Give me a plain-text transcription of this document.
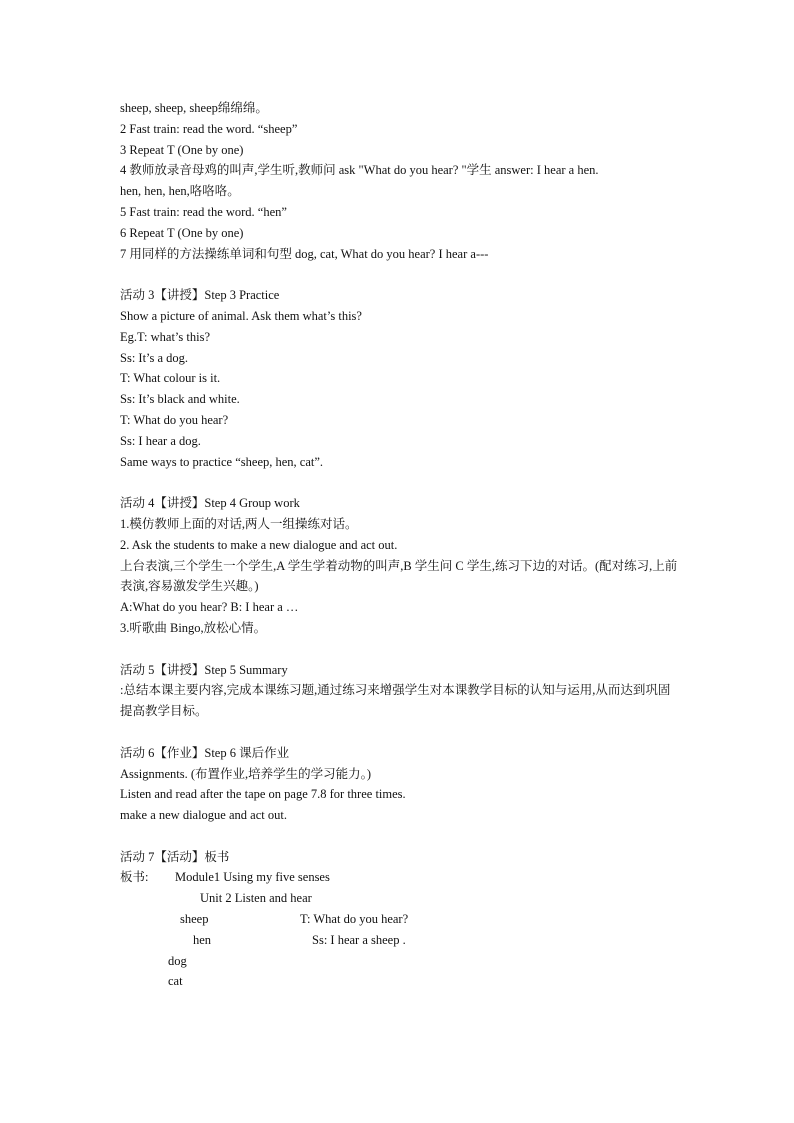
sheep, sheep, sheep绵绵绵。
2 Fast train: read the word. “sheep”
3 Repeat T (One by one)
4 教师放录音母鸡的叫声,学生听,教师问 ask "What do you hear? "学生 answer: I hear a hen.
hen, hen, hen,咯咯咯。
5 Fast train: read the word. “hen”
6 Repeat T (One by one)
7 用同样的方法操练单词和句型 dog, cat, What do you hear? I hear a---
活动 3【讲授】Step 3 Practice
Show a picture of animal. Ask them what’s this?
Eg.T: what’s this?
Ss: It’s a dog.
T: What colour is it.
Ss: It’s black and white.
T: What do you hear?
Ss: I hear a dog.
Same ways to practice “sheep, hen, cat”.
活动 4【讲授】Step 4 Group work
1.模仿教师上面的对话,两人一组操练对话。
2. Ask the students to make a new dialogue and act out.
上台表演,三个学生一个学生,A 学生学着动物的叫声,B 学生问 C 学生,练习下边的对话。(配对练习,上前表演,容易激发学生兴趣。)
A:What do you hear? B: I hear a …
3.听歌曲 Bingo,放松心情。
活动 5【讲授】Step 5 Summary
:总结本课主要内容,完成本课练习题,通过练习来增强学生对本课教学目标的认知与运用,从而达到巩固提高教学目标。
活动 6【作业】Step 6 课后作业
Assignments. (布置作业,培养学生的学习能力。)
Listen and read after the tape on page 7.8 for three times.
make a new dialogue and act out.
活动 7【活动】板书
板书: Module1 Using my five senses
Unit 2 Listen and hear
sheep	T: What do you hear?
hen	Ss: I hear a sheep .
dog
cat
